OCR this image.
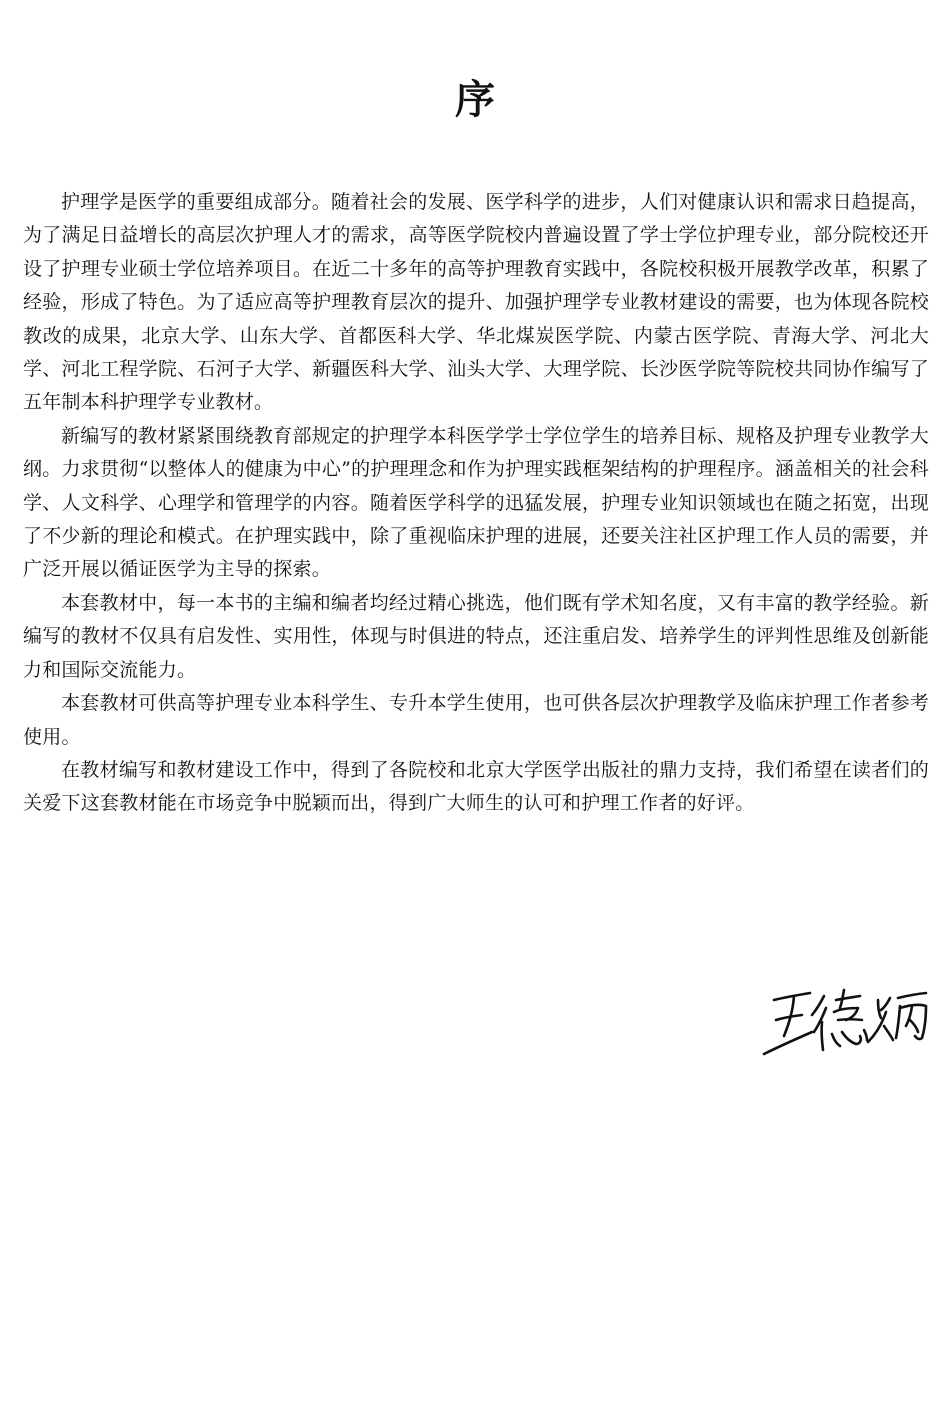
序

护理学是医学的重要组成部分。随着社会的发展、医学科学的进步，人们对健康认识和需求日趋提高，为了满足日益增长的高层次护理人才的需求，高等医学院校内普遍设置了学士学位护理专业，部分院校还开设了护理专业硕士学位培养项目。在近二十多年的高等护理教育实践中，各院校积极开展教学改革，积累了经验，形成了特色。为了适应高等护理教育层次的提升、加强护理学专业教材建设的需要，也为体现各院校教改的成果，北京大学、山东大学、首都医科大学、华北煤炭医学院、内蒙古医学院、青海大学、河北大学、河北工程学院、石河子大学、新疆医科大学、汕头大学、大理学院、长沙医学院等院校共同协作编写了五年制本科护理学专业教材。

新编写的教材紧紧围绕教育部规定的护理学本科医学学士学位学生的培养目标、规格及护理专业教学大纲。力求贯彻“以整体人的健康为中心”的护理理念和作为护理实践框架结构的护理程序。涵盖相关的社会科学、人文科学、心理学和管理学的内容。随着医学科学的迅猛发展，护理专业知识领域也在随之拓宽，出现了不少新的理论和模式。在护理实践中，除了重视临床护理的进展，还要关注社区护理工作人员的需要，并广泛开展以循证医学为主导的探索。

本套教材中，每一本书的主编和编者均经过精心挑选，他们既有学术知名度，又有丰富的教学经验。新编写的教材不仅具有启发性、实用性，体现与时俱进的特点，还注重启发、培养学生的评判性思维及创新能力和国际交流能力。

本套教材可供高等护理专业本科学生、专升本学生使用，也可供各层次护理教学及临床护理工作者参考使用。

在教材编写和教材建设工作中，得到了各院校和北京大学医学出版社的鼎力支持，我们希望在读者们的关爱下这套教材能在市场竞争中脱颖而出，得到广大师生的认可和护理工作者的好评。
